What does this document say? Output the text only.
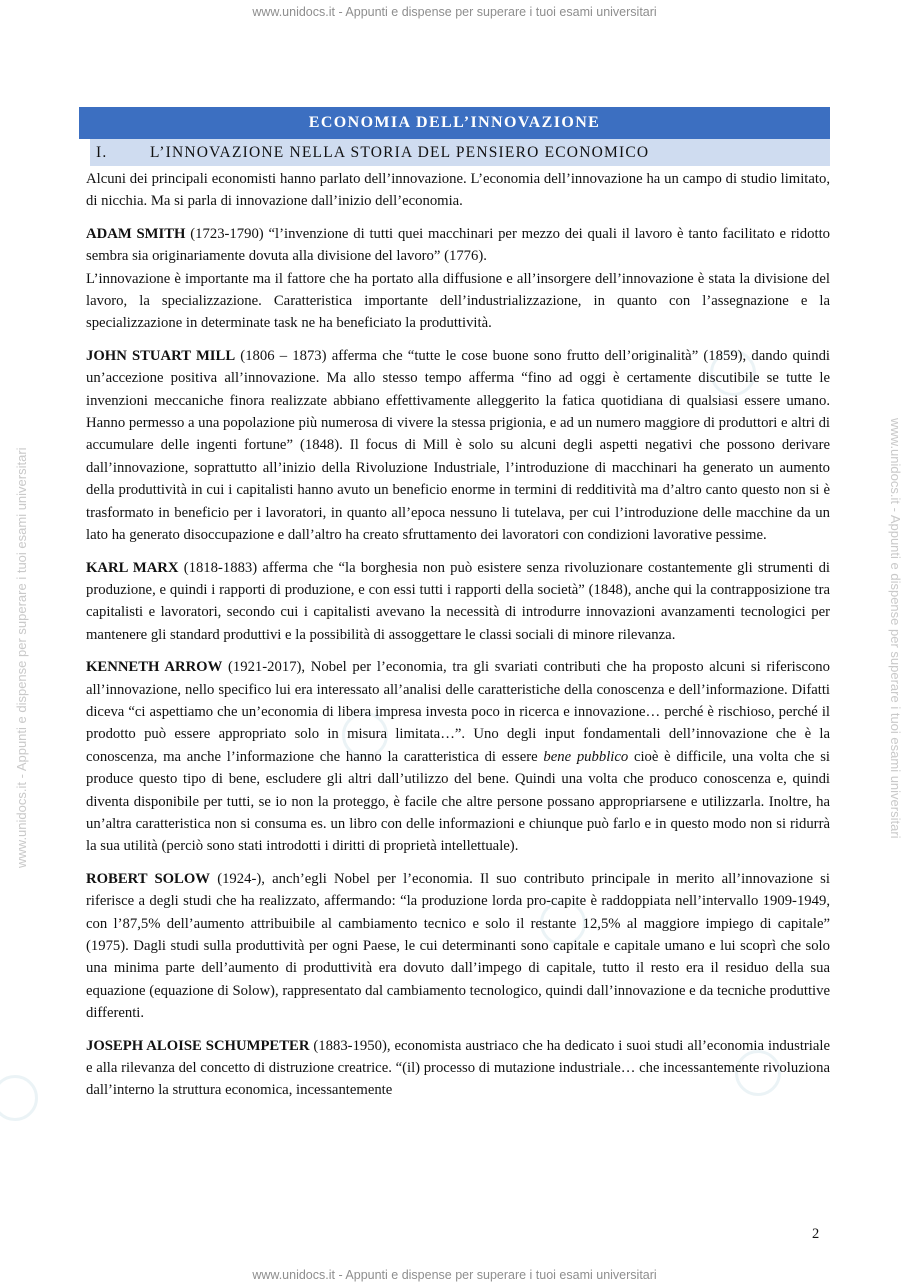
www.unidocs.it - Appunti e dispense per superare i tuoi esami universitari
www.unidocs.it - Appunti e dispense per superare i tuoi esami universitari
www.unidocs.it - Appunti e dispense per superare i tuoi esami universitari	www.unidocs.it - Appunti e dispense per superare i tuoi esami universitari
ECONOMIA DELL’INNOVAZIONE
I.	L’INNOVAZIONE NELLA STORIA DEL PENSIERO ECONOMICO

Alcuni dei principali economisti hanno parlato dell’innovazione. L’economia dell’innovazione ha un campo di studio limitato, di nicchia. Ma si parla di innovazione dall’inizio dell’economia.

ADAM SMITH (1723-1790) “l’invenzione di tutti quei macchinari per mezzo dei quali il lavoro è tanto facilitato e ridotto sembra sia originariamente dovuta alla divisione del lavoro” (1776).
L’innovazione è importante ma il fattore che ha portato alla diffusione e all’insorgere dell’innovazione è stata la divisione del lavoro, la specializzazione. Caratteristica importante dell’industrializzazione, in quanto con l’assegnazione e la specializzazione in determinate task ne ha beneficiato la produttività.

JOHN STUART MILL (1806 – 1873) afferma che “tutte le cose buone sono frutto dell’originalità” (1859), dando quindi un’accezione positiva all’innovazione. Ma allo stesso tempo afferma “fino ad oggi è certamente discutibile se tutte le invenzioni meccaniche finora realizzate abbiano effettivamente alleggerito la fatica quotidiana di qualsiasi essere umano. Hanno permesso a una popolazione più numerosa di vivere la stessa prigionia, e ad un numero maggiore di produttori e altri di accumulare delle ingenti fortune” (1848). Il focus di Mill è solo su alcuni degli aspetti negativi che possono derivare dall’innovazione, soprattutto all’inizio della Rivoluzione Industriale, l’introduzione di macchinari ha generato un aumento della produttività in cui i capitalisti hanno avuto un beneficio enorme in termini di redditività ma d’altro canto questo non si è trasformato in beneficio per i lavoratori, in quanto all’epoca nessuno li tutelava, per cui l’introduzione delle macchine da un lato ha generato disoccupazione e dall’altro ha creato sfruttamento dei lavoratori con condizioni lavorative pessime.

KARL MARX (1818-1883) afferma che “la borghesia non può esistere senza rivoluzionare costantemente gli strumenti di produzione, e quindi i rapporti di produzione, e con essi tutti i rapporti della società” (1848), anche qui la contrapposizione tra capitalisti e lavoratori, secondo cui i capitalisti avevano la necessità di introdurre innovazioni avanzamenti tecnologici per mantenere gli standard produttivi e la possibilità di assoggettare le classi sociali di minore rilevanza.

KENNETH ARROW (1921-2017), Nobel per l’economia, tra gli svariati contributi che ha proposto alcuni si riferiscono all’innovazione, nello specifico lui era interessato all’analisi delle caratteristiche della conoscenza e dell’informazione. Difatti diceva “ci aspettiamo che un’economia di libera impresa investa poco in ricerca e innovazione… perché è rischioso, perché il prodotto può essere appropriato solo in misura limitata…”. Uno degli input fondamentali dell’innovazione che è la conoscenza, ma anche l’informazione che hanno la caratteristica di essere bene pubblico cioè è difficile, una volta che si produce questo tipo di bene, escludere gli altri dall’utilizzo del bene. Quindi una volta che produco conoscenza e, quindi diventa disponibile per tutti, se io non la proteggo, è facile che altre persone possano appropriarsene e utilizzarla. Inoltre, ha un’altra caratteristica non si consuma es. un libro con delle informazioni e chiunque può farlo e in questo modo non si ridurrà la sua utilità (perciò sono stati introdotti i diritti di proprietà intellettuale).

ROBERT SOLOW (1924-), anch’egli Nobel per l’economia. Il suo contributo principale in merito all’innovazione si riferisce a degli studi che ha realizzato, affermando: “la produzione lorda pro-capite è raddoppiata nell’intervallo 1909-1949, con l’87,5% dell’aumento attribuibile al cambiamento tecnico e solo il restante 12,5% al maggiore impiego di capitale” (1975). Dagli studi sulla produttività per ogni Paese, le cui determinanti sono capitale e capitale umano e lui scoprì che solo una minima parte dell’aumento di produttività era dovuto dall’impego di capitale, tutto il resto era il residuo della sua equazione (equazione di Solow), rappresentato dal cambiamento tecnologico, quindi dall’innovazione e da tecniche produttive differenti.

JOSEPH ALOISE SCHUMPETER (1883-1950), economista austriaco che ha dedicato i suoi studi all’economia industriale e alla rilevanza del concetto di distruzione creatrice. “(il) processo di mutazione industriale… che incessantemente rivoluziona dall’interno la struttura economica, incessantemente

2
